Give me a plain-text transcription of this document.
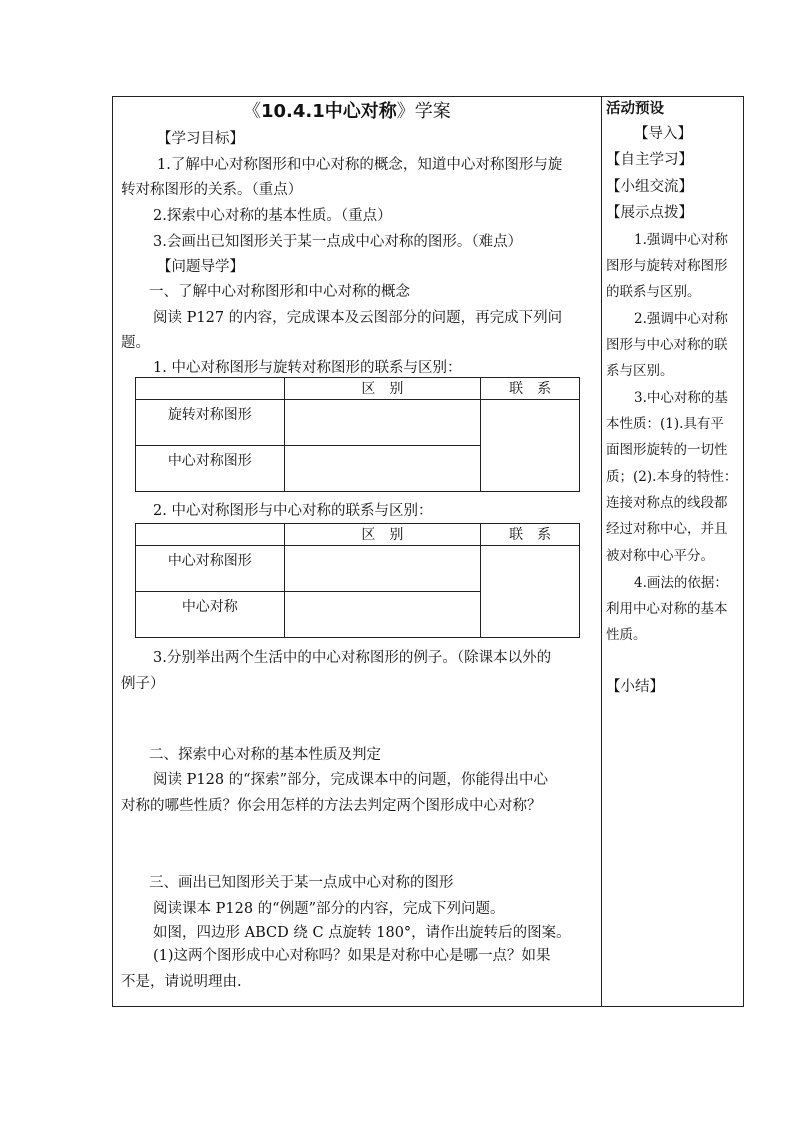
《10.4.1中心对称》学案
【学习目标】
1.了解中心对称图形和中心对称的概念，知道中心对称图形与旋
转对称图形的关系。（重点）
2.探索中心对称的基本性质。（重点）
3.会画出已知图形关于某一点成中心对称的图形。（难点）
【问题导学】
一、了解中心对称图形和中心对称的概念
阅读 P127 的内容，完成课本及云图部分的问题，再完成下列问
题。
1. 中心对称图形与旋转对称图形的联系与区别：
	区　别	联　系
旋转对称图形		
中心对称图形		
2. 中心对称图形与中心对称的联系与区别：
	区　别	联　系
中心对称图形		
中心对称		
3.分别举出两个生活中的中心对称图形的例子。（除课本以外的
例子）
二、探索中心对称的基本性质及判定
阅读 P128 的“探索”部分，完成课本中的问题，你能得出中心
对称的哪些性质？你会用怎样的方法去判定两个图形成中心对称？
三、画出已知图形关于某一点成中心对称的图形
阅读课本 P128 的“例题”部分的内容，完成下列问题。
如图，四边形 ABCD 绕 C 点旋转 180°，请作出旋转后的图案。
(1)这两个图形成中心对称吗？如果是对称中心是哪一点？如果
不是，请说明理由.
活动预设
【导入】
【自主学习】
【小组交流】
【展示点拨】
1.强调中心对称
图形与旋转对称图形
的联系与区别。
2.强调中心对称
图形与中心对称的联
系与区别。
3.中心对称的基
本性质：(1).具有平
面图形旋转的一切性
质；(2).本身的特性：
连接对称点的线段都
经过对称中心，并且
被对称中心平分。
4.画法的依据：
利用中心对称的基本
性质。
【小结】
